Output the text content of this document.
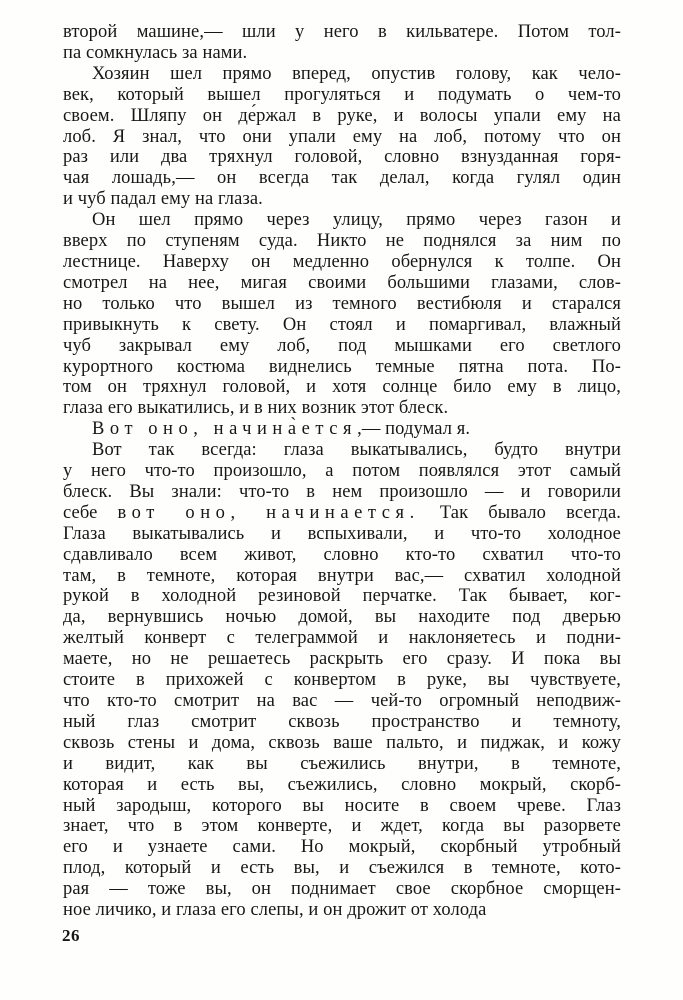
второй машине,— шли у него в кильватере. Потом тол-
па сомкнулась за нами.
Хозяин шел прямо вперед, опустив голову, как чело-
век, который вышел прогуляться и подумать о чем-то
своем. Шляпу он де́ржал в руке, и волосы упали ему на
лоб. Я знал, что они упали ему на лоб, потому что он
раз или два тряхнул головой, словно взнузданная горя-
чая лошадь,— он всегда так делал, когда гулял один
и чуб падал ему на глаза.
Он шел прямо через улицу, прямо через газон и
вверх по ступеням суда. Никто не поднялся за ним по
лестнице. Наверху он медленно обернулся к толпе. Он
смотрел на нее, мигая своими большими глазами, слов-
но только что вышел из темного вестибюля и старался
привыкнуть к свету. Он стоял и помаргивал, влажный
чуб закрывал ему лоб, под мышками его светлого
курортного костюма виднелись темные пятна пота. По-
том он тряхнул головой, и хотя солнце било ему в лицо,
глаза его выкатились, и в них возник этот блеск.
Вот оно, начина̀ется,— подумал я.
Вот так всегда: глаза выкатывались, будто внутри
у него что-то произошло, а потом появлялся этот самый
блеск. Вы знали: что-то в нем произошло — и говорили
себе вот оно, начинается. Так бывало всегда.
Глаза выкатывались и вспыхивали, и что-то холодное
сдавливало всем живот, словно кто-то схватил что-то
там, в темноте, которая внутри вас,— схватил холодной
рукой в холодной резиновой перчатке. Так бывает, ког-
да, вернувшись ночью домой, вы находите под дверью
желтый конверт с телеграммой и наклоняетесь и подни-
маете, но не решаетесь раскрыть его сразу. И пока вы
стоите в прихожей с конвертом в руке, вы чувствуете,
что кто-то смотрит на вас — чей-то огромный неподвиж-
ный глаз смотрит сквозь пространство и темноту,
сквозь стены и дома, сквозь ваше пальто, и пиджак, и кожу
и видит, как вы съежились внутри, в темноте,
которая и есть вы, съежились, словно мокрый, скорб-
ный зародыш, которого вы носите в своем чреве. Глаз
знает, что в этом конверте, и ждет, когда вы разорвете
его и узнаете сами. Но мокрый, скорбный утробный
плод, который и есть вы, и съежился в темноте, кото-
рая — тоже вы, он поднимает свое скорбное сморщен-
ное личико, и глаза его слепы, и он дрожит от холода
26
